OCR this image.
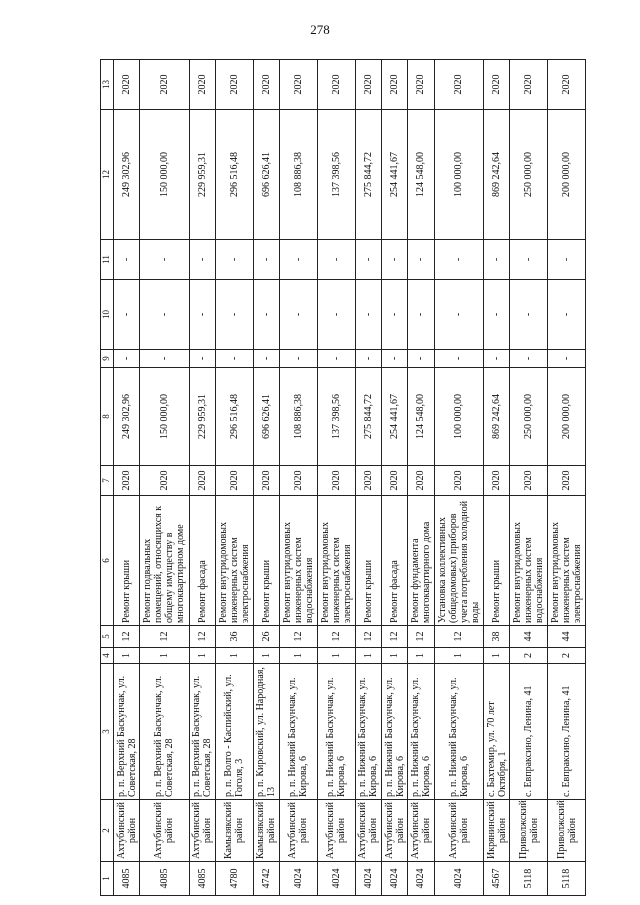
278
1	2	3	4	5	6	7	8	9	10	11	12	13
4085	Ахтубинский район	р. п. Верхний Баскунчак, ул. Советская, 28	1	12	Ремонт крыши	2020	249 302,96	-	-	-	249 302,96	2020
4085	Ахтубинский район	р. п. Верхний Баскунчак, ул. Советская, 28	1	12	Ремонт подвальных помещений, относящихся к общему имуществу в многоквартирном доме	2020	150 000,00	-	-	-	150 000,00	2020
4085	Ахтубинский район	р. п. Верхний Баскунчак, ул. Советская, 28	1	12	Ремонт фасада	2020	229 959,31	-	-	-	229 959,31	2020
4780	Камызякский район	р. п. Волго - Каспийский, ул. Гоголя, 3	1	36	Ремонт внутридомовых инженерных систем электроснабжения	2020	296 516,48	-	-	-	296 516,48	2020
4742	Камызякский район	р. п. Кировский, ул. Народная, 13	1	26	Ремонт крыши	2020	696 626,41	-	-	-	696 626,41	2020
4024	Ахтубинский район	р. п. Нижний Баскунчак, ул. Кирова, 6	1	12	Ремонт внутридомовых инженерных систем водоснабжения	2020	108 886,38	-	-	-	108 886,38	2020
4024	Ахтубинский район	р. п. Нижний Баскунчак, ул. Кирова, 6	1	12	Ремонт внутридомовых инженерных систем электроснабжения	2020	137 398,56	-	-	-	137 398,56	2020
4024	Ахтубинский район	р. п. Нижний Баскунчак, ул. Кирова, 6	1	12	Ремонт крыши	2020	275 844,72	-	-	-	275 844,72	2020
4024	Ахтубинский район	р. п. Нижний Баскунчак, ул. Кирова, 6	1	12	Ремонт фасада	2020	254 441,67	-	-	-	254 441,67	2020
4024	Ахтубинский район	р. п. Нижний Баскунчак, ул. Кирова, 6	1	12	Ремонт фундамента многоквартирного дома	2020	124 548,00	-	-	-	124 548,00	2020
4024	Ахтубинский район	р. п. Нижний Баскунчак, ул. Кирова, 6	1	12	Установка коллективных (общедомовых) приборов учета потребления холодной воды	2020	100 000,00	-	-	-	100 000,00	2020
4567	Икрянинский район	с. Бахтемир, ул. 70 лет Октября, 1	1	38	Ремонт крыши	2020	869 242,64	-	-	-	869 242,64	2020
5118	Приволжский район	с. Евпраксино, Ленина, 41	2	44	Ремонт внутридомовых инженерных систем водоснабжения	2020	250 000,00	-	-	-	250 000,00	2020
5118	Приволжский район	с. Евпраксино, Ленина, 41	2	44	Ремонт внутридомовых инженерных систем электроснабжения	2020	200 000,00	-	-	-	200 000,00	2020
